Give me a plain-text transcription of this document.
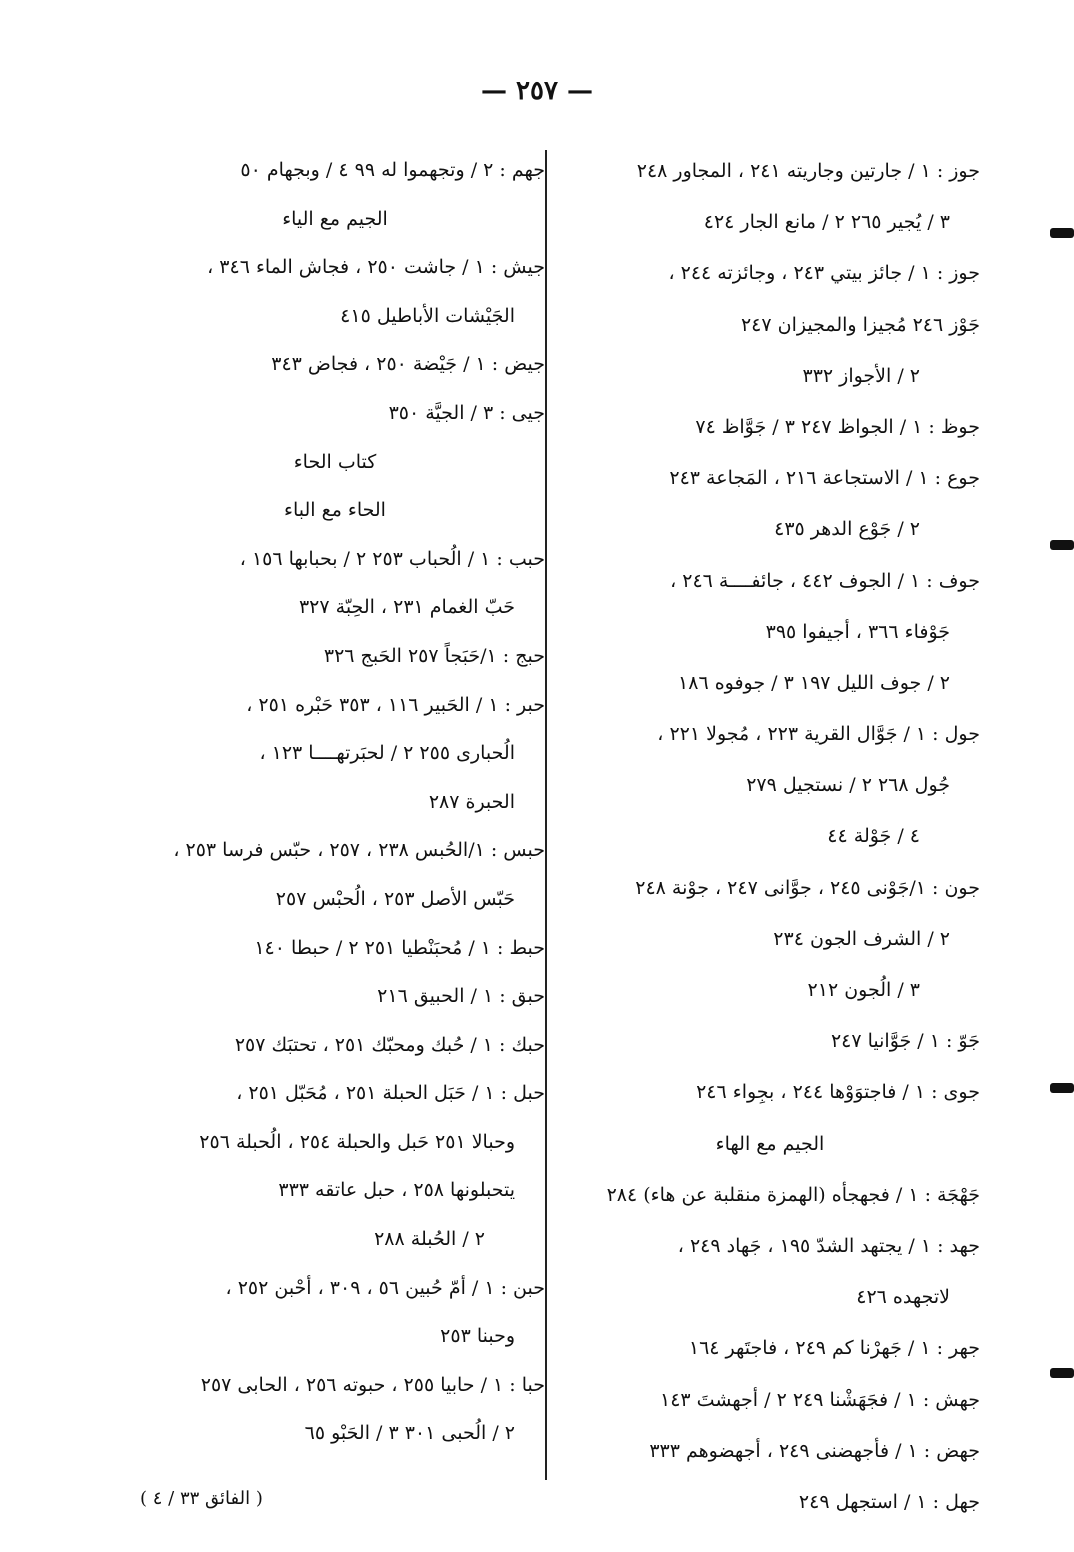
— ٢٥٧ —
جوز : ١ / جارتين وجاريته ٢٤١ ، المجاور ٢٤٨
٣ / يُجير ٢٦٥ ٢ / مانع الجار ٤٢٤
جوز : ١ / جائز بيتي ٢٤٣ ، وجائزته ٢٤٤ ،
جَوْز ٢٤٦ مُجيزا والمجيزان ٢٤٧
٢ / الأجواز ٣٣٢
جوظ : ١ / الجواظ ٢٤٧ ٣ / جَوَّاظ ٧٤
جوع : ١ / الاستجاعة ٢١٦ ، المَجاعة ٢٤٣
٢ / جَوْع الدهر ٤٣٥
جوف : ١ / الجوف ٤٤٢ ، جائفــــة ٢٤٦ ،
جَوْفاء ٣٦٦ ، أجيفوا ٣٩٥
٢ / جوف الليل ١٩٧ ٣ / جوفوه ١٨٦
جول : ١ / جَوَّال القرية ٢٢٣ ، مُجولا ٢٢١ ،
جُول ٢٦٨ ٢ / نستجيل ٢٧٩
٤ / جَوْلة ٤٤
جون : ١/جَوْنى ٢٤٥ ، جوَّانى ٢٤٧ ، جوْنة ٢٤٨
٢ / الشرف الجون ٢٣٤
٣ / الُجون ٢١٢
جَوّ : ١ / جَوَّانيا ٢٤٧
جوى : ١ / فاجتوَوْها ٢٤٤ ، بجِواء ٢٤٦
الجيم مع الهاء
جَهْجَة : ١ / فجهجأه (الهمزة منقلبة عن هاء) ٢٨٤
جهد : ١ / يجتهد الشدّ ١٩٥ ، جَهاد ٢٤٩ ،
لاتجهده ٤٢٦
جهر : ١ / جَهرْنا كم ٢٤٩ ، فاجتَهر ١٦٤
جهش : ١ / فجَهَشْنا ٢٤٩ ٢ / أجهشتَ ١٤٣
جهض : ١ / فأجهضنى ٢٤٩ ، أجهضوهم ٣٣٣
جهل : ١ / استجهل ٢٤٩
جهم : ٢ / وتجهموا له ٩٩ ٤ / وبجهام ٥٠
الجيم مع الياء
جيش : ١ / جاشت ٢٥٠ ، فجاش الماء ٣٤٦ ،
الجَيْشات الأباطيل ٤١٥
جيض : ١ / جَيْضة ٢٥٠ ، فجاض ٣٤٣
جيى : ٣ / الجيَّة ٣٥٠
كتاب الحاء
الحاء مع الباء
حبب : ١ / الُحباب ٢٥٣ ٢ / بحبابها ١٥٦ ،
حَبّ الغمام ٢٣١ ، الحِبّة ٣٢٧
حبج : ١/حَبَجاً ٢٥٧ الحَبج ٣٢٦
حبر : ١ / الحَبير ١١٦ ، ٣٥٣ حَبْره ٢٥١ ،
الُحبارى ٢٥٥ ٢ / لحبَرتهــــا ١٢٣ ،
الحبرة ٢٨٧
حبس : ١/الحُبس ٢٣٨ ، ٢٥٧ ، حبّس فرسا ٢٥٣ ،
حَبّس الأصل ٢٥٣ ، الُحبْس ٢٥٧
حبط : ١ / مُحبَنْطيا ٢٥١ ٢ / حبطا ١٤٠
حبق : ١ / الحبيق ٢١٦
حبك : ١ / حُبك ومحبّك ٢٥١ ، تحتبَك ٢٥٧
حبل : ١ / حَبَل الحبلة ٢٥١ ، مُحَبّل ٢٥١ ،
وحبالا ٢٥١ حَبل والحبلة ٢٥٤ ، الُحبلة ٢٥٦
يتحبلونها ٢٥٨ ، حبل عاتقه ٣٣٣
٢ / الحُبلة ٢٨٨
حبن : ١ / أمّ حُبين ٥٦ ، ٣٠٩ ، أحْبن ٢٥٢ ،
وحبنا ٢٥٣
حبا : ١ / حابيا ٢٥٥ ، حبوته ٢٥٦ ، الحابى ٢٥٧
٢ / الُحبى ٣٠١ ٣ / الحَبْو ٦٥
( الفائق ٣٣ / ٤ )
